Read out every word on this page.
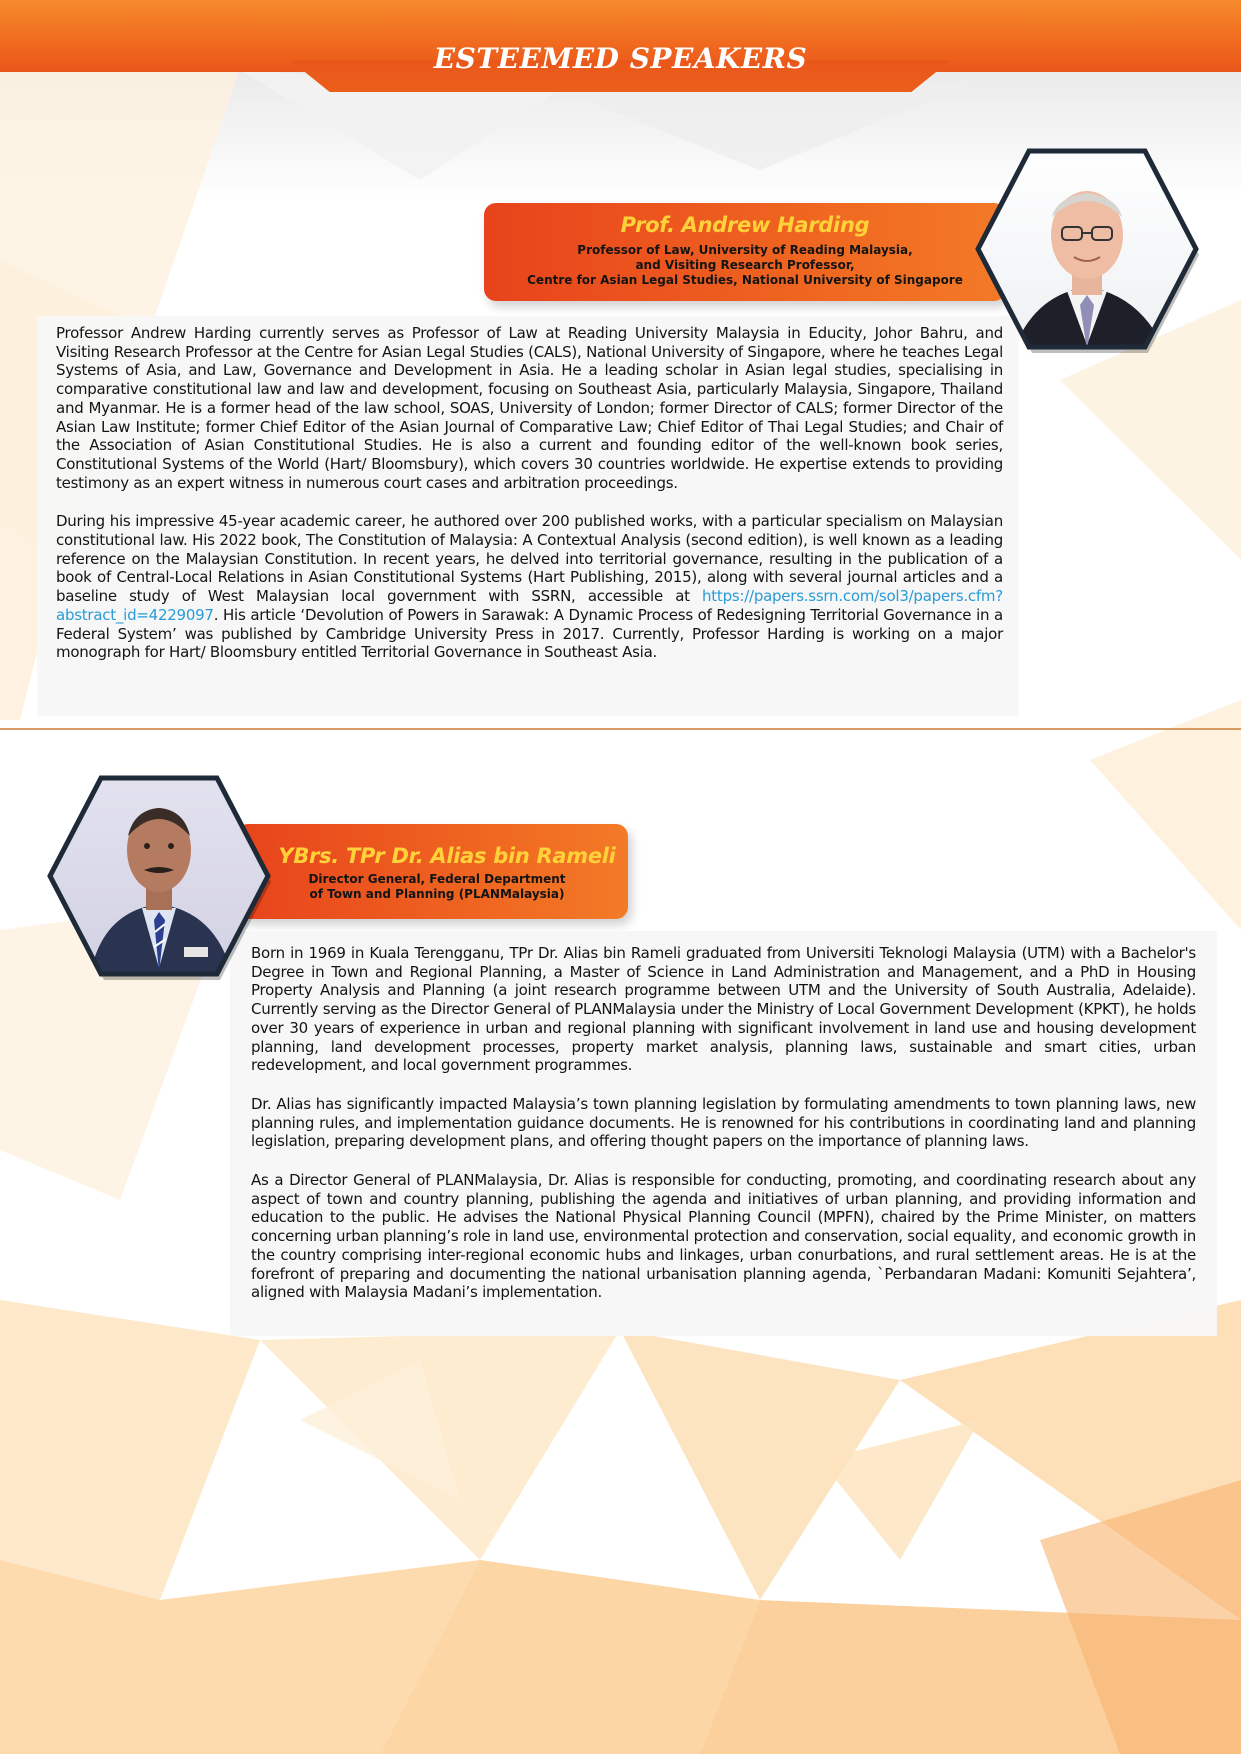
ESTEEMED SPEAKERS
Prof. Andrew Harding
Professor of Law, University of Reading Malaysia,
and Visiting Research Professor,
Centre for Asian Legal Studies, National University of Singapore

Professor Andrew Harding currently serves as Professor of Law at Reading University Malaysia in Educity, Johor Bahru, and Visiting Research Professor at the Centre for Asian Legal Studies (CALS), National University of Singapore, where he teaches Legal Systems of Asia, and Law, Governance and Development in Asia. He a leading scholar in Asian legal studies, specialising in comparative constitutional law and law and development, focusing on Southeast Asia, particularly Malaysia, Singapore, Thailand and Myanmar. He is a former head of the law school, SOAS, University of London; former Director of CALS; former Director of the Asian Law Institute; former Chief Editor of the Asian Journal of Comparative Law; Chief Editor of Thai Legal Studies; and Chair of the Association of Asian Constitutional Studies. He is also a current and founding editor of the well-known book series, Constitutional Systems of the World (Hart/ Bloomsbury), which covers 30 countries worldwide. He expertise extends to providing testimony as an expert witness in numerous court cases and arbitration proceedings.

During his impressive 45-year academic career, he authored over 200 published works, with a particular specialism on Malaysian constitutional law. His 2022 book, The Constitution of Malaysia: A Contextual Analysis (second edition), is well known as a leading reference on the Malaysian Constitution. In recent years, he delved into territorial governance, resulting in the publication of a book of Central-Local Relations in Asian Constitutional Systems (Hart Publishing, 2015), along with several journal articles and a baseline study of West Malaysian local government with SSRN, accessible at https://papers.ssrn.com/sol3/papers.cfm?abstract_id=4229097. His article ‘Devolution of Powers in Sarawak: A Dynamic Process of Redesigning Territorial Governance in a Federal System’ was published by Cambridge University Press in 2017. Currently, Professor Harding is working on a major monograph for Hart/ Bloomsbury entitled Territorial Governance in Southeast Asia.

YBrs. TPr Dr. Alias bin Rameli
Director General, Federal Department
of Town and Planning (PLANMalaysia)

Born in 1969 in Kuala Terengganu, TPr Dr. Alias bin Rameli graduated from Universiti Teknologi Malaysia (UTM) with a Bachelor's Degree in Town and Regional Planning, a Master of Science in Land Administration and Management, and a PhD in Housing Property Analysis and Planning (a joint research programme between UTM and the University of South Australia, Adelaide). Currently serving as the Director General of PLANMalaysia under the Ministry of Local Government Development (KPKT), he holds over 30 years of experience in urban and regional planning with significant involvement in land use and housing development planning, land development processes, property market analysis, planning laws, sustainable and smart cities, urban redevelopment, and local government programmes.

Dr. Alias has significantly impacted Malaysia’s town planning legislation by formulating amendments to town planning laws, new planning rules, and implementation guidance documents. He is renowned for his contributions in coordinating land and planning legislation, preparing development plans, and offering thought papers on the importance of planning laws.

As a Director General of PLANMalaysia, Dr. Alias is responsible for conducting, promoting, and coordinating research about any aspect of town and country planning, publishing the agenda and initiatives of urban planning, and providing information and education to the public. He advises the National Physical Planning Council (MPFN), chaired by the Prime Minister, on matters concerning urban planning’s role in land use, environmental protection and conservation, social equality, and economic growth in the country comprising inter-regional economic hubs and linkages, urban conurbations, and rural settlement areas. He is at the forefront of preparing and documenting the national urbanisation planning agenda, `Perbandaran Madani: Komuniti Sejahtera’, aligned with Malaysia Madani’s implementation.
